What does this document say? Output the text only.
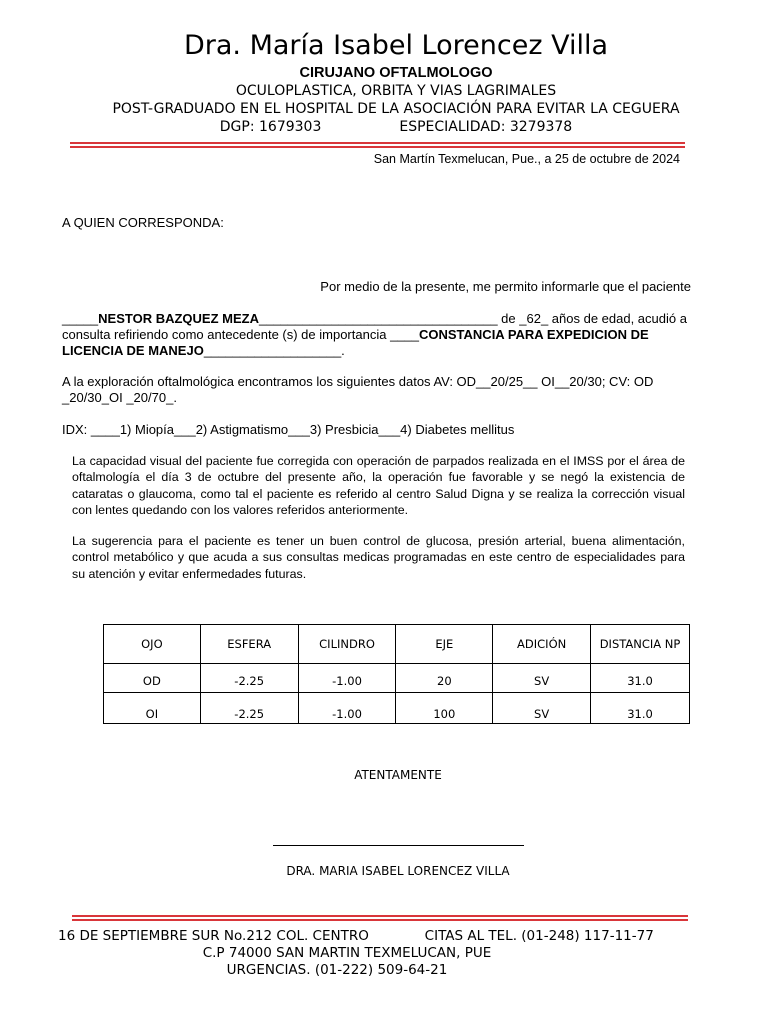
Dra. María Isabel Lorencez Villa
CIRUJANO OFTALMOLOGO
OCULOPLASTICA, ORBITA Y VIAS LAGRIMALES
POST-GRADUADO EN EL HOSPITAL DE LA ASOCIACIÓN PARA EVITAR LA CEGUERA
DGP: 1679303	ESPECIALIDAD: 3279378
San Martín Texmelucan, Pue., a 25 de octubre de 2024
A QUIEN CORRESPONDA:
Por medio de la presente, me permito informarle que el paciente
_____NESTOR BAZQUEZ MEZA_________________________________ de _62_ años de edad, acudió a consulta refiriendo como antecedente (s) de importancia ____CONSTANCIA PARA EXPEDICION DE LICENCIA DE MANEJO___________________.
A la exploración oftalmológica encontramos los siguientes datos AV: OD__20/25__ OI__20/30; CV: OD _20/30_OI _20/70_.
IDX: ____1) Miopía___2) Astigmatismo___3) Presbicia___4) Diabetes mellitus
La capacidad visual del paciente fue corregida con operación de parpados realizada en el IMSS por el área de oftalmología el día 3 de octubre del presente año, la operación fue favorable y se negó la existencia de cataratas o glaucoma, como tal el paciente es referido al centro Salud Digna y se realiza la corrección visual con lentes quedando con los valores referidos anteriormente.
La sugerencia para el paciente es tener un buen control de glucosa, presión arterial, buena alimentación, control metabólico y que acuda a sus consultas medicas programadas en este centro de especialidades para su atención y evitar enfermedades futuras.
OJO	ESFERA	CILINDRO	EJE	ADICIÓN	DISTANCIA NP
OD	-2.25	-1.00	20	SV	31.0
OI	-2.25	-1.00	100	SV	31.0
ATENTAMENTE
DRA. MARIA ISABEL LORENCEZ VILLA
16 DE SEPTIEMBRE SUR No.212 COL. CENTRO	CITAS AL TEL. (01-248) 117-11-77
C.P 74000 SAN MARTIN TEXMELUCAN, PUE
URGENCIAS. (01-222) 509-64-21
